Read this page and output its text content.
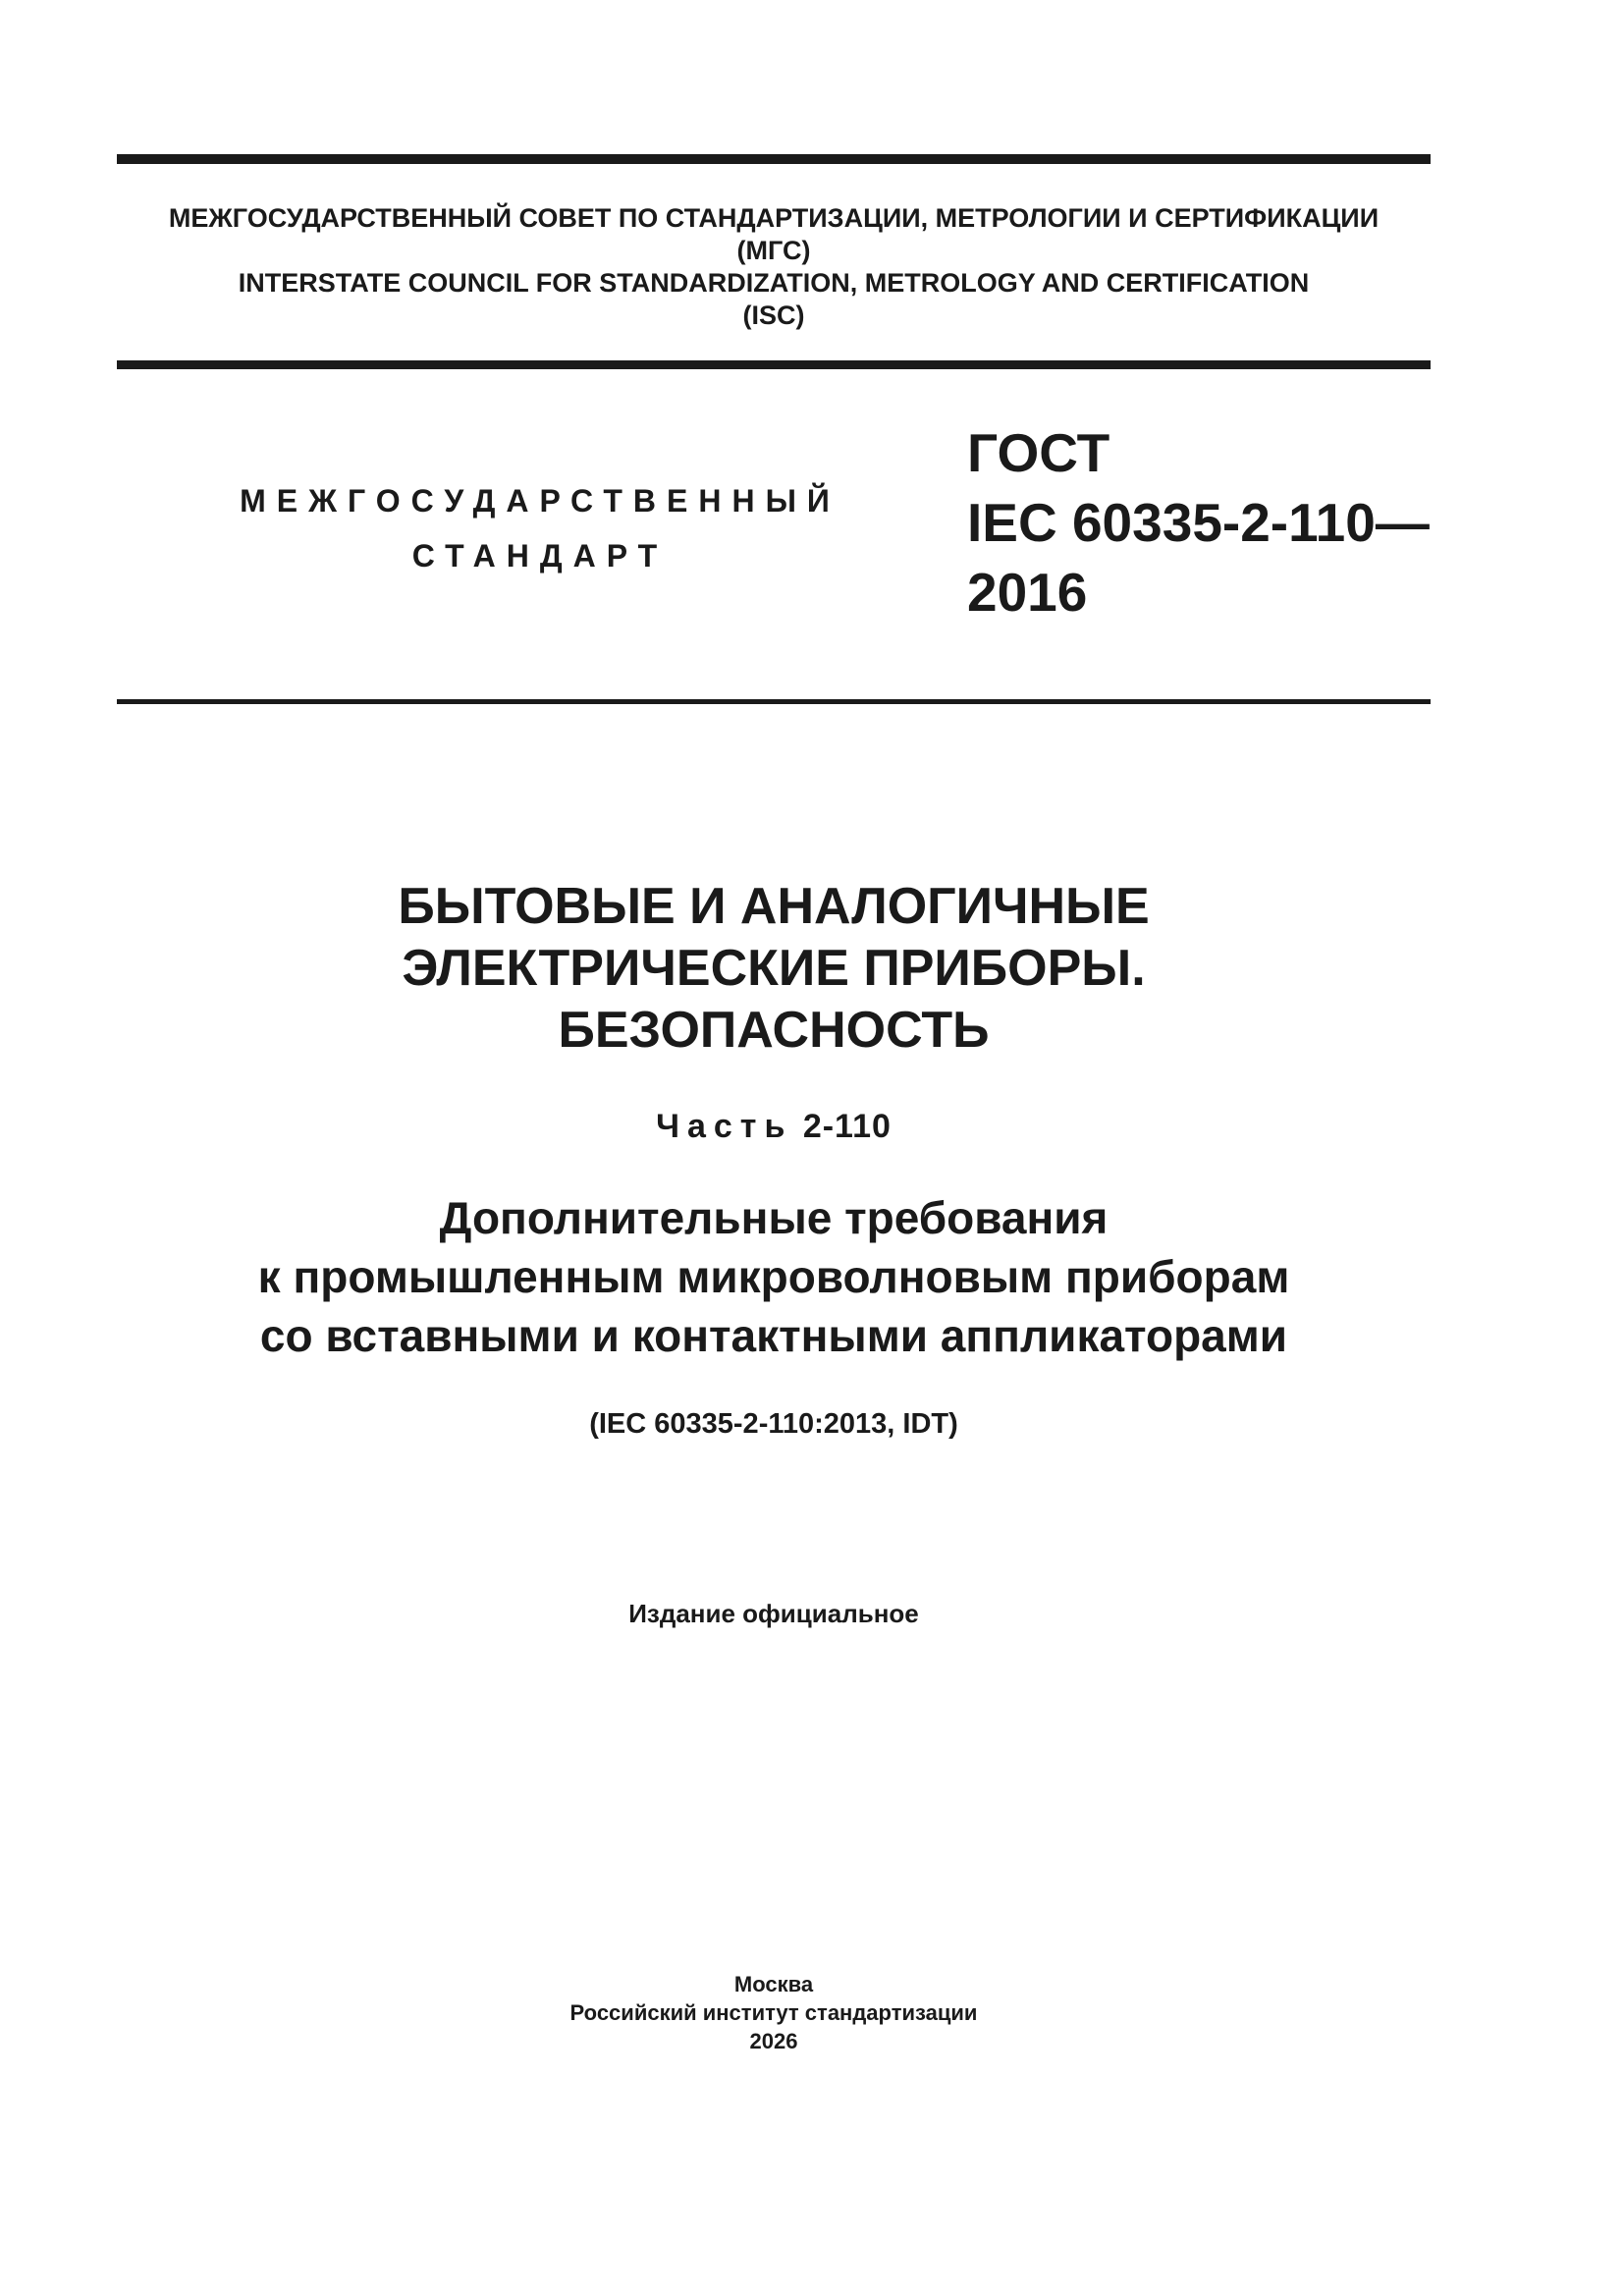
МЕЖГОСУДАРСТВЕННЫЙ СОВЕТ ПО СТАНДАРТИЗАЦИИ, МЕТРОЛОГИИ И СЕРТИФИКАЦИИ
(МГС)
INTERSTATE COUNCIL FOR STANDARDIZATION, METROLOGY AND CERTIFICATION
(ISC)
МЕЖГОСУДАРСТВЕННЫЙ
СТАНДАРТ
ГОСТ
IEC 60335-2-110—
2016
БЫТОВЫЕ И АНАЛОГИЧНЫЕ
ЭЛЕКТРИЧЕСКИЕ ПРИБОРЫ.
БЕЗОПАСНОСТЬ
Часть 2-110
Дополнительные требования
к промышленным микроволновым приборам
со вставными и контактными аппликаторами
(IEC 60335-2-110:2013, IDT)
Издание официальное
Москва
Российский институт стандартизации
2026
